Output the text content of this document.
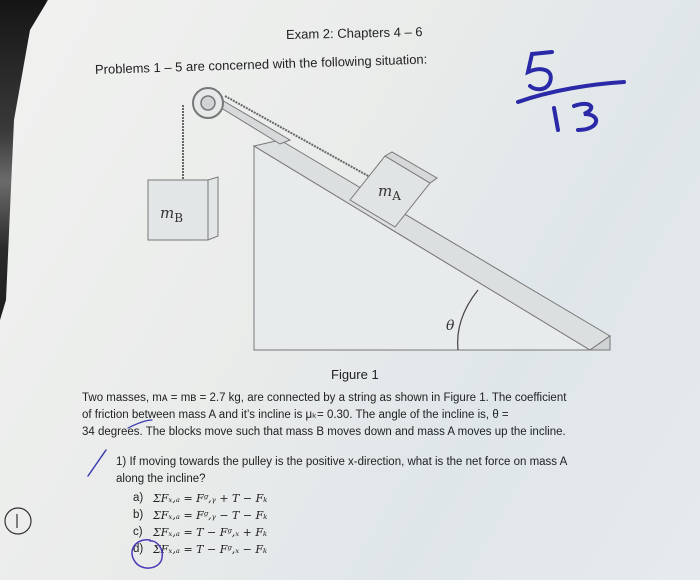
Exam 2: Chapters 4 – 6
Problems 1 – 5 are concerned with the following situation:
$m_B$
$m_A$
θ
Figure 1
Two masses, mᴀ = mʙ = 2.7 kg, are connected by a string as shown in Figure 1. The coefficient
of friction between mass A and it’s incline is μₖ= 0.30. The angle of the incline is, θ =
34 degrees. The blocks move such that mass B moves down and mass A moves up the incline.
1) If moving towards the pulley is the positive x-direction, what is the net force on mass A
along the incline?
a) ΣFₓ,ₐ = Fᵍ,ᵧ + T − Fₖ
b) ΣFₓ,ₐ = Fᵍ,ᵧ − T − Fₖ
c) ΣFₓ,ₐ = T − Fᵍ,ₓ + Fₖ
d) ΣFₓ,ₐ = T − Fᵍ,ₓ − Fₖ
